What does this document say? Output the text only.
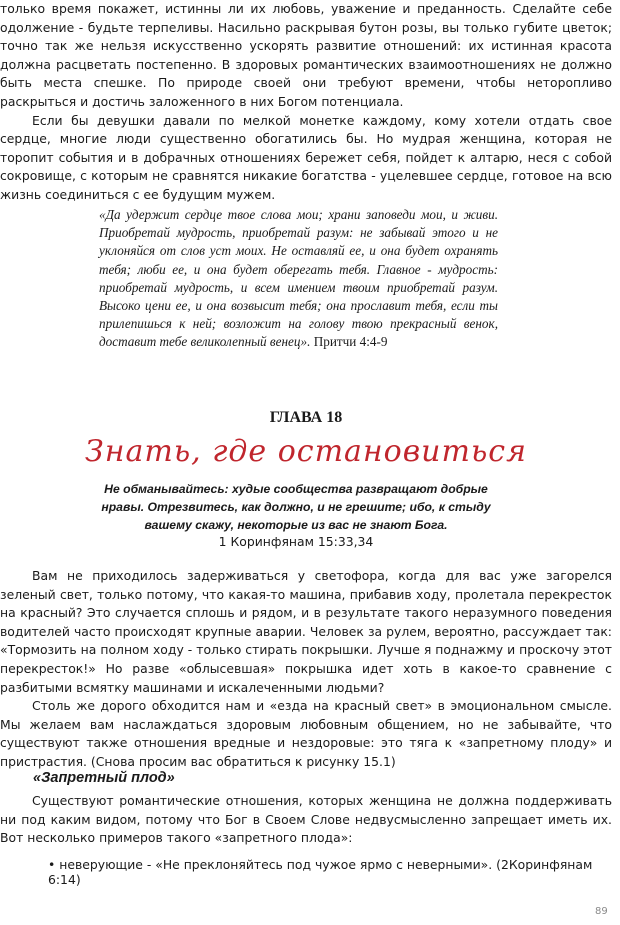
только время покажет, истинны ли их любовь, уважение и преданность. Сделайте себе одолжение - будьте терпеливы. Насильно раскрывая бутон розы, вы только губите цветок; точно так же нельзя искусственно ускорять развитие отношений: их истинная красота должна расцветать постепенно. В здоровых романтических взаимоотношениях не должно быть места спешке. По природе своей они требуют времени, чтобы неторопливо раскрыться и достичь заложенного в них Богом потенциала.

Если бы девушки давали по мелкой монетке каждому, кому хотели отдать свое сердце, многие люди существенно обогатились бы. Но мудрая женщина, которая не торопит события и в добрачных отношениях бережет себя, пойдет к алтарю, неся с собой сокровище, с которым не сравнятся никакие богатства - уцелевшее сердце, готовое на всю жизнь соединиться с ее будущим мужем.

«Да удержит сердце твое слова мои; храни заповеди мои, и живи. Приобретай мудрость, приобретай разум: не забывай этого и не уклоняйся от слов уст моих. Не оставляй ее, и она будет охранять тебя; люби ее, и она будет оберегать тебя. Главное - мудрость: приобретай мудрость, и всем имением твоим приобретай разум. Высоко цени ее, и она возвысит тебя; она прославит тебя, если ты прилепишься к ней; возложит на голову твою прекрасный венок, доставит тебе великолепный венец». Притчи 4:4-9

ГЛАВА 18
Знать, где остановиться

Не обманывайтесь: худые сообщества развращают добрые нравы. Отрезвитесь, как должно, и не грешите; ибо, к стыду вашему скажу, некоторые из вас не знают Бога.

1 Коринфянам 15:33,34

Вам не приходилось задерживаться у светофора, когда для вас уже загорелся зеленый свет, только потому, что какая-то машина, прибавив ходу, пролетала перекресток на красный? Это случается сплошь и рядом, и в результате такого неразумного поведения водителей часто происходят крупные аварии. Человек за рулем, вероятно, рассуждает так: «Тормозить на полном ходу - только стирать покрышки. Лучше я поднажму и проскочу этот перекресток!» Но разве «облысевшая» покрышка идет хоть в какое-то сравнение с разбитыми всмятку машинами и искалеченными людьми?

Столь же дорого обходится нам и «езда на красный свет» в эмоциональном смысле. Мы желаем вам наслаждаться здоровым любовным общением, но не забывайте, что существуют также отношения вредные и нездоровые: это тяга к «запретному плоду» и пристрастия. (Снова просим вас обратиться к рисунку 15.1)

«Запретный плод»

Существуют романтические отношения, которых женщина не должна поддерживать ни под каким видом, потому что Бог в Своем Слове недвусмысленно запрещает иметь их. Вот несколько примеров такого «запретного плода»:

• неверующие - «Не преклоняйтесь под чужое ярмо с неверными». (2Коринфянам 6:14)

89
